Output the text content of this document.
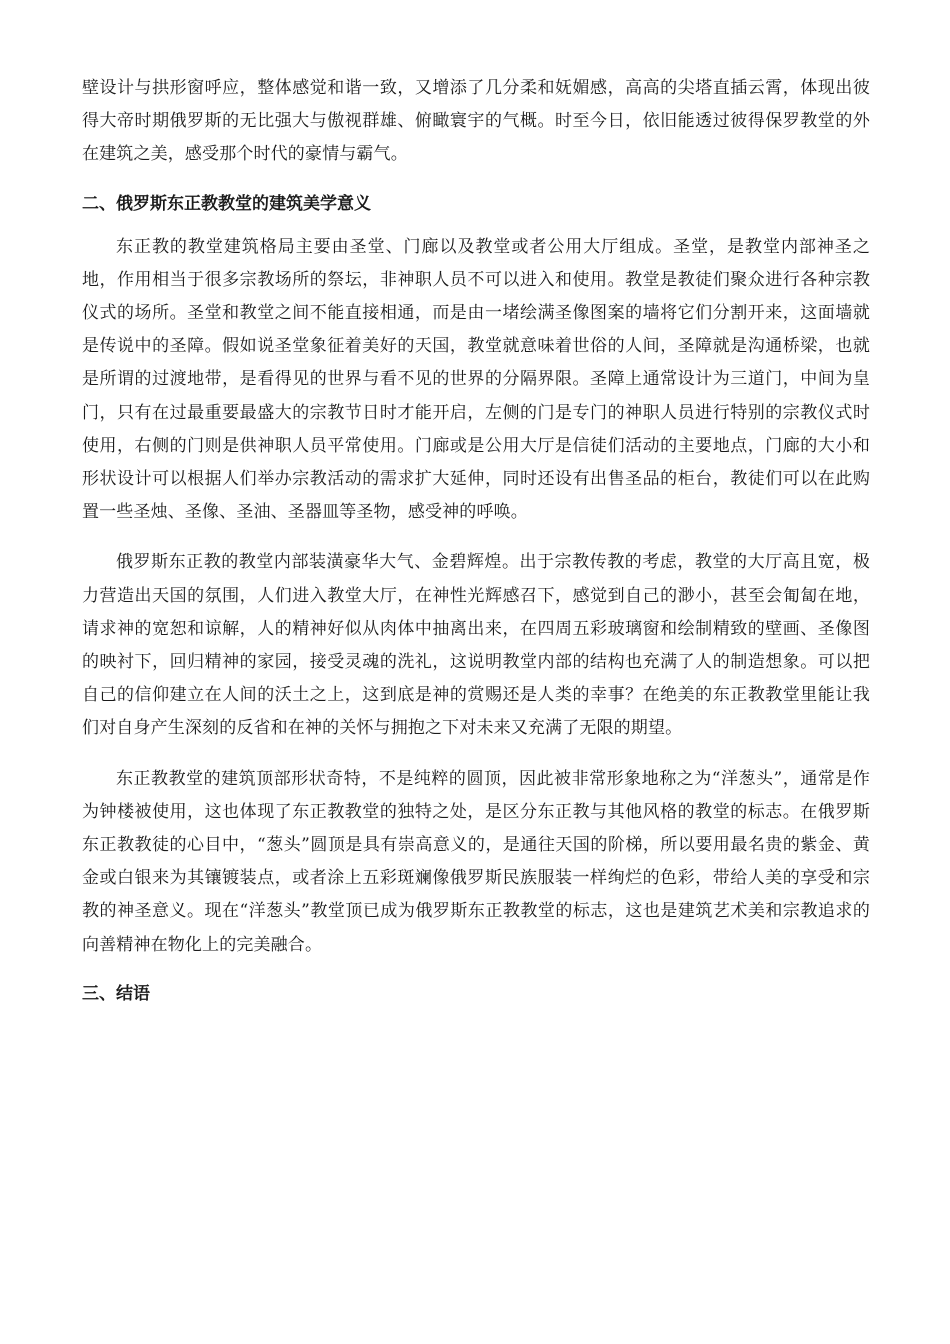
壁设计与拱形窗呼应，整体感觉和谐一致，又增添了几分柔和妩媚感，高高的尖塔直插云霄，体现出彼得大帝时期俄罗斯的无比强大与傲视群雄、俯瞰寰宇的气概。时至今日，依旧能透过彼得保罗教堂的外在建筑之美，感受那个时代的豪情与霸气。

二、俄罗斯东正教教堂的建筑美学意义

东正教的教堂建筑格局主要由圣堂、门廊以及教堂或者公用大厅组成。圣堂，是教堂内部神圣之地，作用相当于很多宗教场所的祭坛，非神职人员不可以进入和使用。教堂是教徒们聚众进行各种宗教仪式的场所。圣堂和教堂之间不能直接相通，而是由一堵绘满圣像图案的墙将它们分割开来，这面墙就是传说中的圣障。假如说圣堂象征着美好的天国，教堂就意味着世俗的人间，圣障就是沟通桥梁，也就是所谓的过渡地带，是看得见的世界与看不见的世界的分隔界限。圣障上通常设计为三道门，中间为皇门，只有在过最重要最盛大的宗教节日时才能开启，左侧的门是专门的神职人员进行特别的宗教仪式时使用，右侧的门则是供神职人员平常使用。门廊或是公用大厅是信徒们活动的主要地点，门廊的大小和形状设计可以根据人们举办宗教活动的需求扩大延伸，同时还设有出售圣品的柜台，教徒们可以在此购置一些圣烛、圣像、圣油、圣器皿等圣物，感受神的呼唤。

俄罗斯东正教的教堂内部装潢豪华大气、金碧辉煌。出于宗教传教的考虑，教堂的大厅高且宽，极力营造出天国的氛围，人们进入教堂大厅，在神性光辉感召下，感觉到自己的渺小，甚至会匍匐在地，请求神的宽恕和谅解，人的精神好似从肉体中抽离出来，在四周五彩玻璃窗和绘制精致的壁画、圣像图的映衬下，回归精神的家园，接受灵魂的洗礼，这说明教堂内部的结构也充满了人的制造想象。可以把自己的信仰建立在人间的沃土之上，这到底是神的赏赐还是人类的幸事？在绝美的东正教教堂里能让我们对自身产生深刻的反省和在神的关怀与拥抱之下对未来又充满了无限的期望。

东正教教堂的建筑顶部形状奇特，不是纯粹的圆顶，因此被非常形象地称之为“洋葱头”，通常是作为钟楼被使用，这也体现了东正教教堂的独特之处，是区分东正教与其他风格的教堂的标志。在俄罗斯东正教教徒的心目中，“葱头”圆顶是具有崇高意义的，是通往天国的阶梯，所以要用最名贵的紫金、黄金或白银来为其镶镀装点，或者涂上五彩斑斓像俄罗斯民族服装一样绚烂的色彩，带给人美的享受和宗教的神圣意义。现在“洋葱头”教堂顶已成为俄罗斯东正教教堂的标志，这也是建筑艺术美和宗教追求的向善精神在物化上的完美融合。

三、结语
